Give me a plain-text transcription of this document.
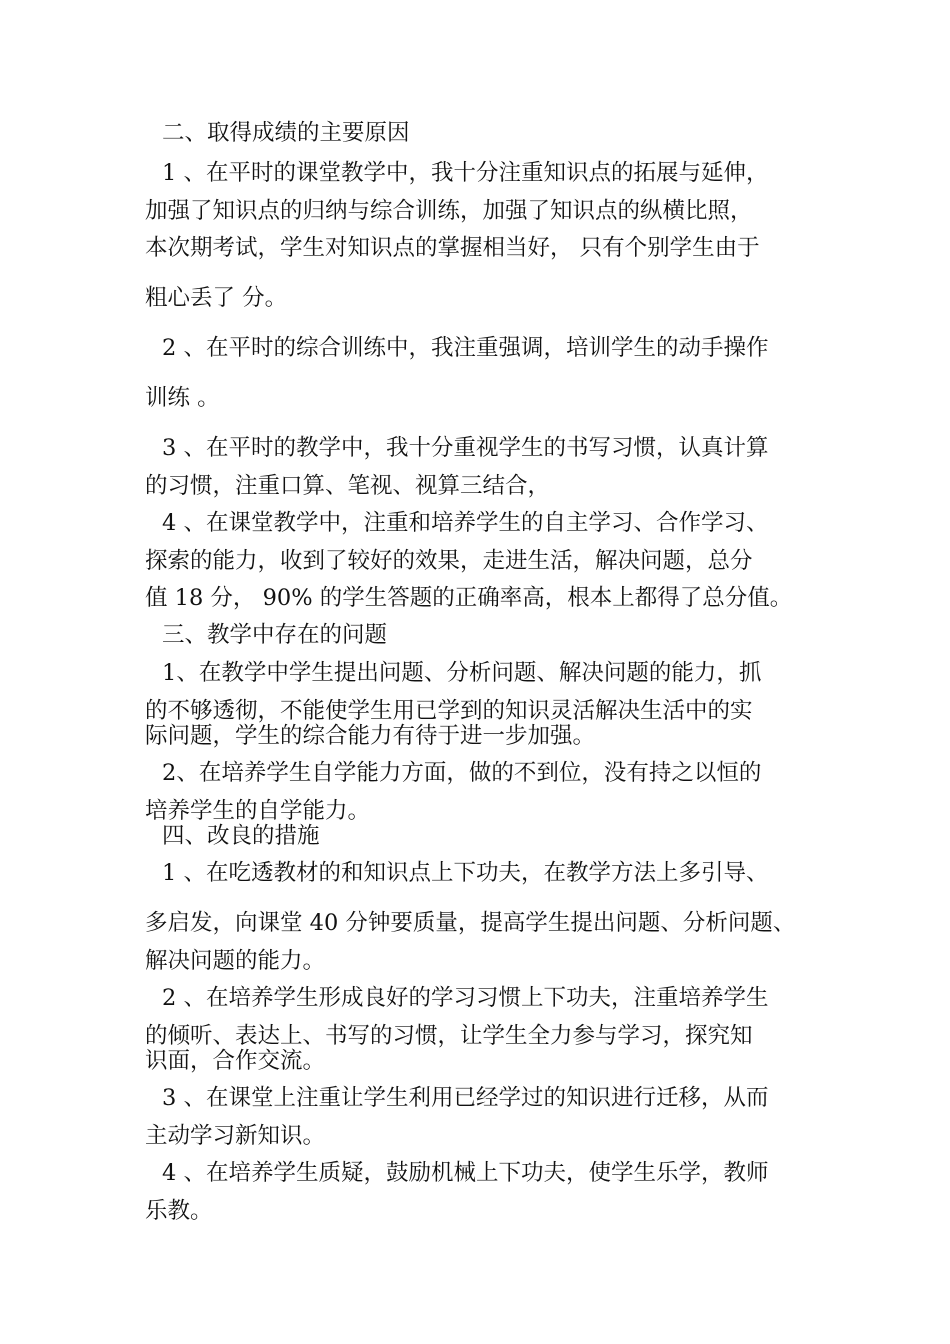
二、取得成绩的主要原因
1 、在平时的课堂教学中，我十分注重知识点的拓展与延伸，
加强了知识点的归纳与综合训练，加强了知识点的纵横比照，
本次期考试，学生对知识点的掌握相当好， 只有个别学生由于
粗心丢了 分。
2 、在平时的综合训练中，我注重强调，培训学生的动手操作
训练 。
3 、在平时的教学中，我十分重视学生的书写习惯，认真计算
的习惯，注重口算、笔视、视算三结合，
4 、在课堂教学中，注重和培养学生的自主学习、合作学习、
探索的能力，收到了较好的效果，走进生活，解决问题，总分
值 18 分， 90% 的学生答题的正确率高，根本上都得了总分值。
三、教学中存在的问题
1、在教学中学生提出问题、分析问题、解决问题的能力，抓
的不够透彻，不能使学生用已学到的知识灵活解决生活中的实
际问题，学生的综合能力有待于进一步加强。
2、在培养学生自学能力方面，做的不到位，没有持之以恒的
培养学生的自学能力。
四、改良的措施
1 、在吃透教材的和知识点上下功夫，在教学方法上多引导、
多启发，向课堂 40 分钟要质量，提高学生提出问题、分析问题、
解决问题的能力。
2 、在培养学生形成良好的学习习惯上下功夫，注重培养学生
的倾听、表达上、书写的习惯，让学生全力参与学习，探究知
识面，合作交流。
3 、在课堂上注重让学生利用已经学过的知识进行迁移，从而
主动学习新知识。
4 、在培养学生质疑，鼓励机械上下功夫，使学生乐学，教师
乐教。
